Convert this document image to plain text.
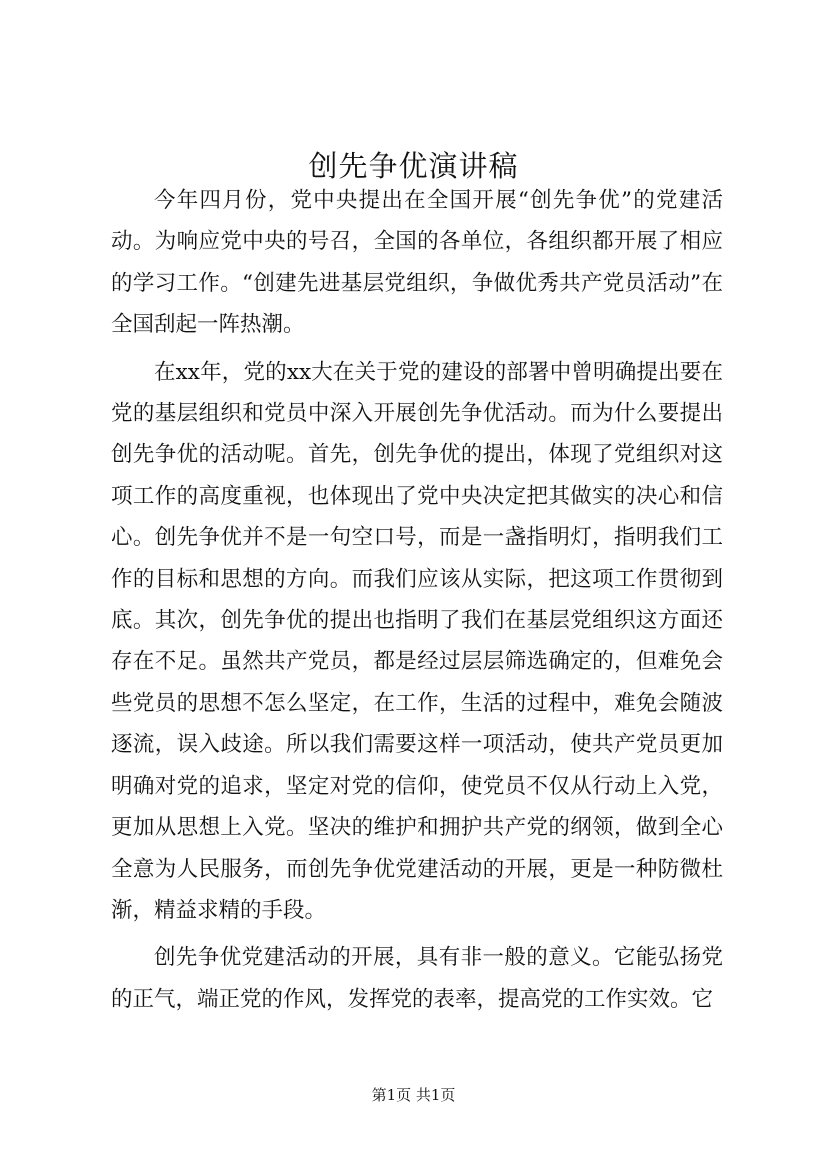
创先争优演讲稿

今年四月份，党中央提出在全国开展“创先争优”的党建活动。为响应党中央的号召，全国的各单位，各组织都开展了相应的学习工作。“创建先进基层党组织，争做优秀共产党员活动”在全国刮起一阵热潮。

在xx年，党的xx大在关于党的建设的部署中曾明确提出要在党的基层组织和党员中深入开展创先争优活动。而为什么要提出创先争优的活动呢。首先，创先争优的提出，体现了党组织对这项工作的高度重视，也体现出了党中央决定把其做实的决心和信心。创先争优并不是一句空口号，而是一盏指明灯，指明我们工作的目标和思想的方向。而我们应该从实际，把这项工作贯彻到底。其次，创先争优的提出也指明了我们在基层党组织这方面还存在不足。虽然共产党员，都是经过层层筛选确定的，但难免会些党员的思想不怎么坚定，在工作，生活的过程中，难免会随波逐流，误入歧途。所以我们需要这样一项活动，使共产党员更加明确对党的追求，坚定对党的信仰，使党员不仅从行动上入党，更加从思想上入党。坚决的维护和拥护共产党的纲领，做到全心全意为人民服务，而创先争优党建活动的开展，更是一种防微杜渐，精益求精的手段。

创先争优党建活动的开展，具有非一般的意义。它能弘扬党的正气，端正党的作风，发挥党的表率，提高党的工作实效。它

第1页 共1页
